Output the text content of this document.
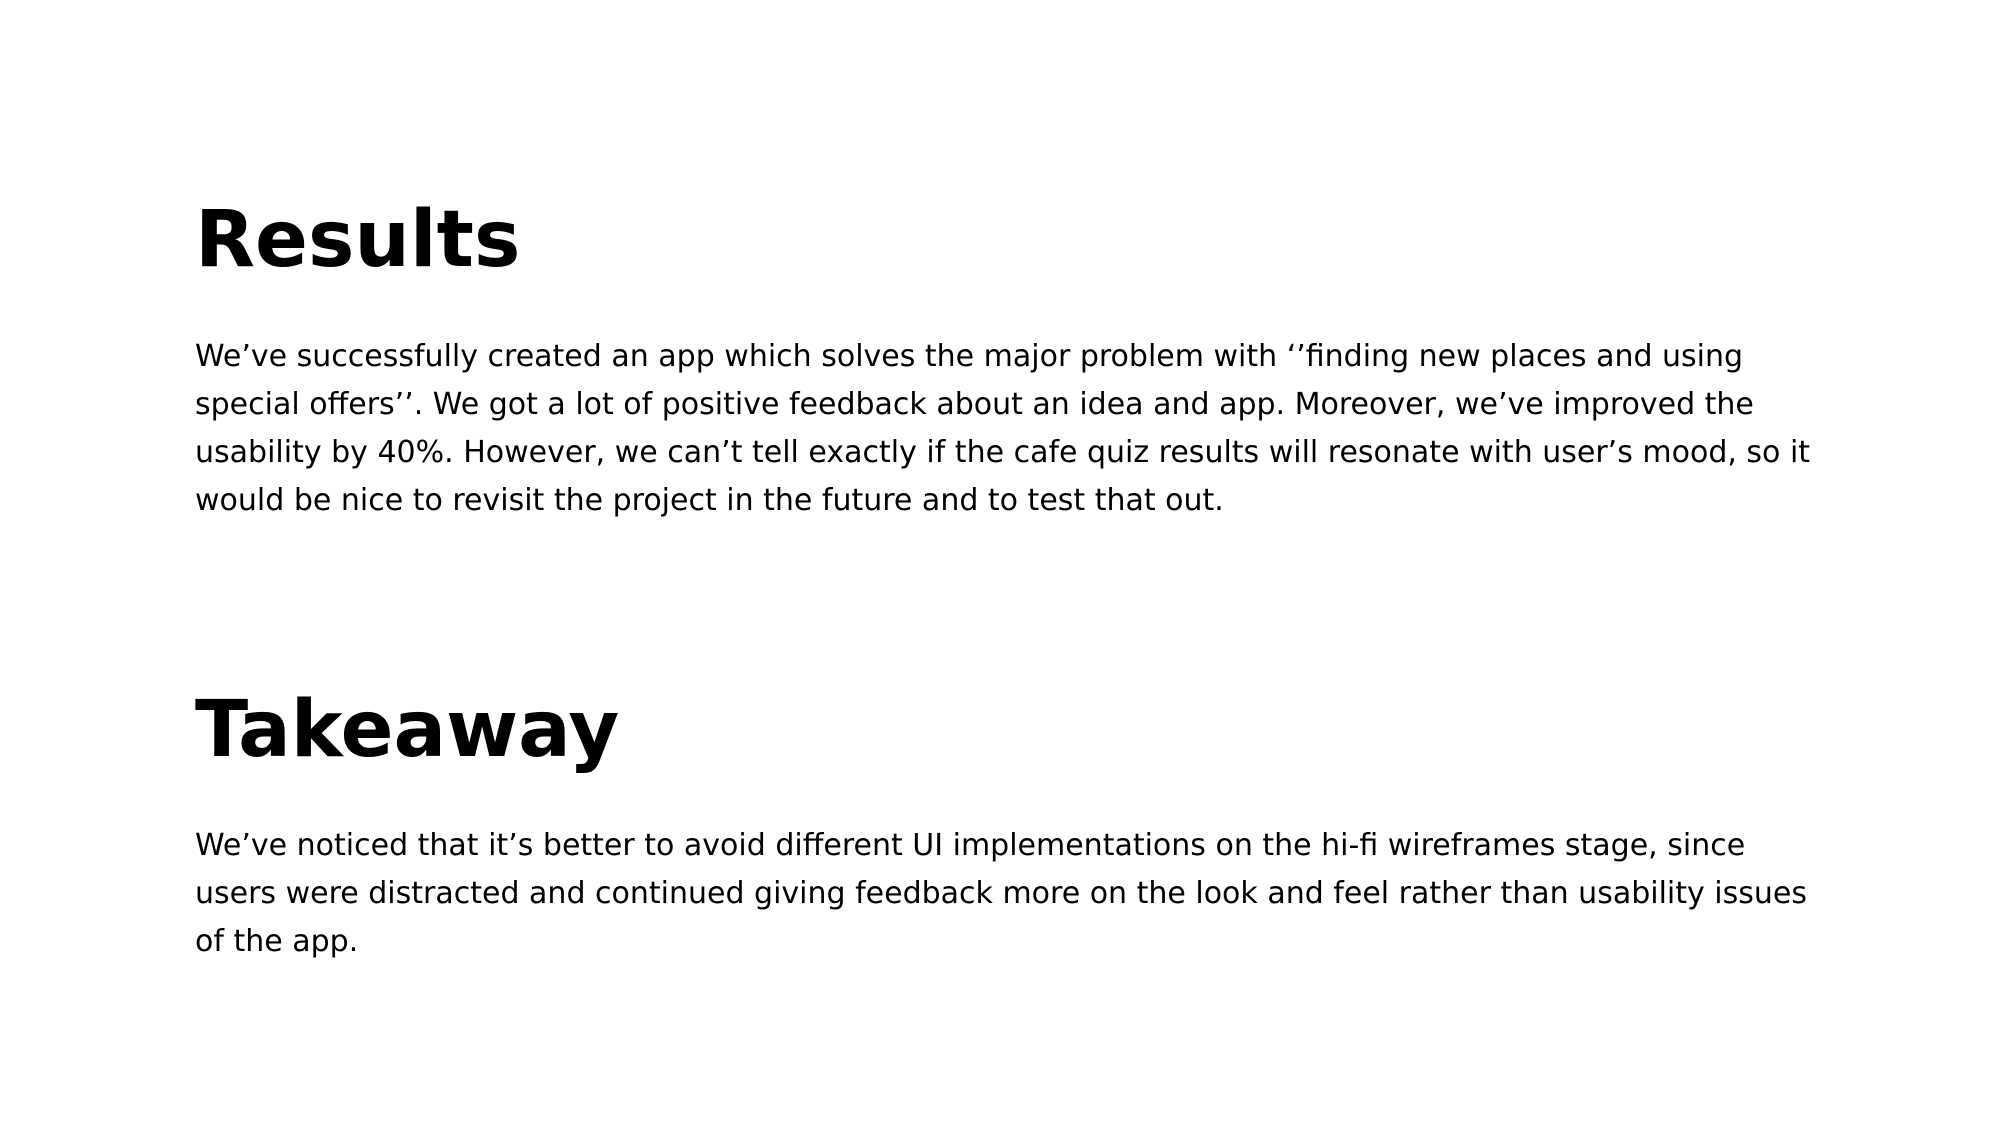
Results

We’ve successfully created an app which solves the major problem with ‘’finding new places and using special offers’’. We got a lot of positive feedback about an idea and app. Moreover, we’ve improved the usability by 40%. However, we can’t tell exactly if the cafe quiz results will resonate with user’s mood, so it would be nice to revisit the project in the future and to test that out.

Takeaway

We’ve noticed that it’s better to avoid different UI implementations on the hi-fi wireframes stage, since users were distracted and continued giving feedback more on the look and feel rather than usability issues of the app.
